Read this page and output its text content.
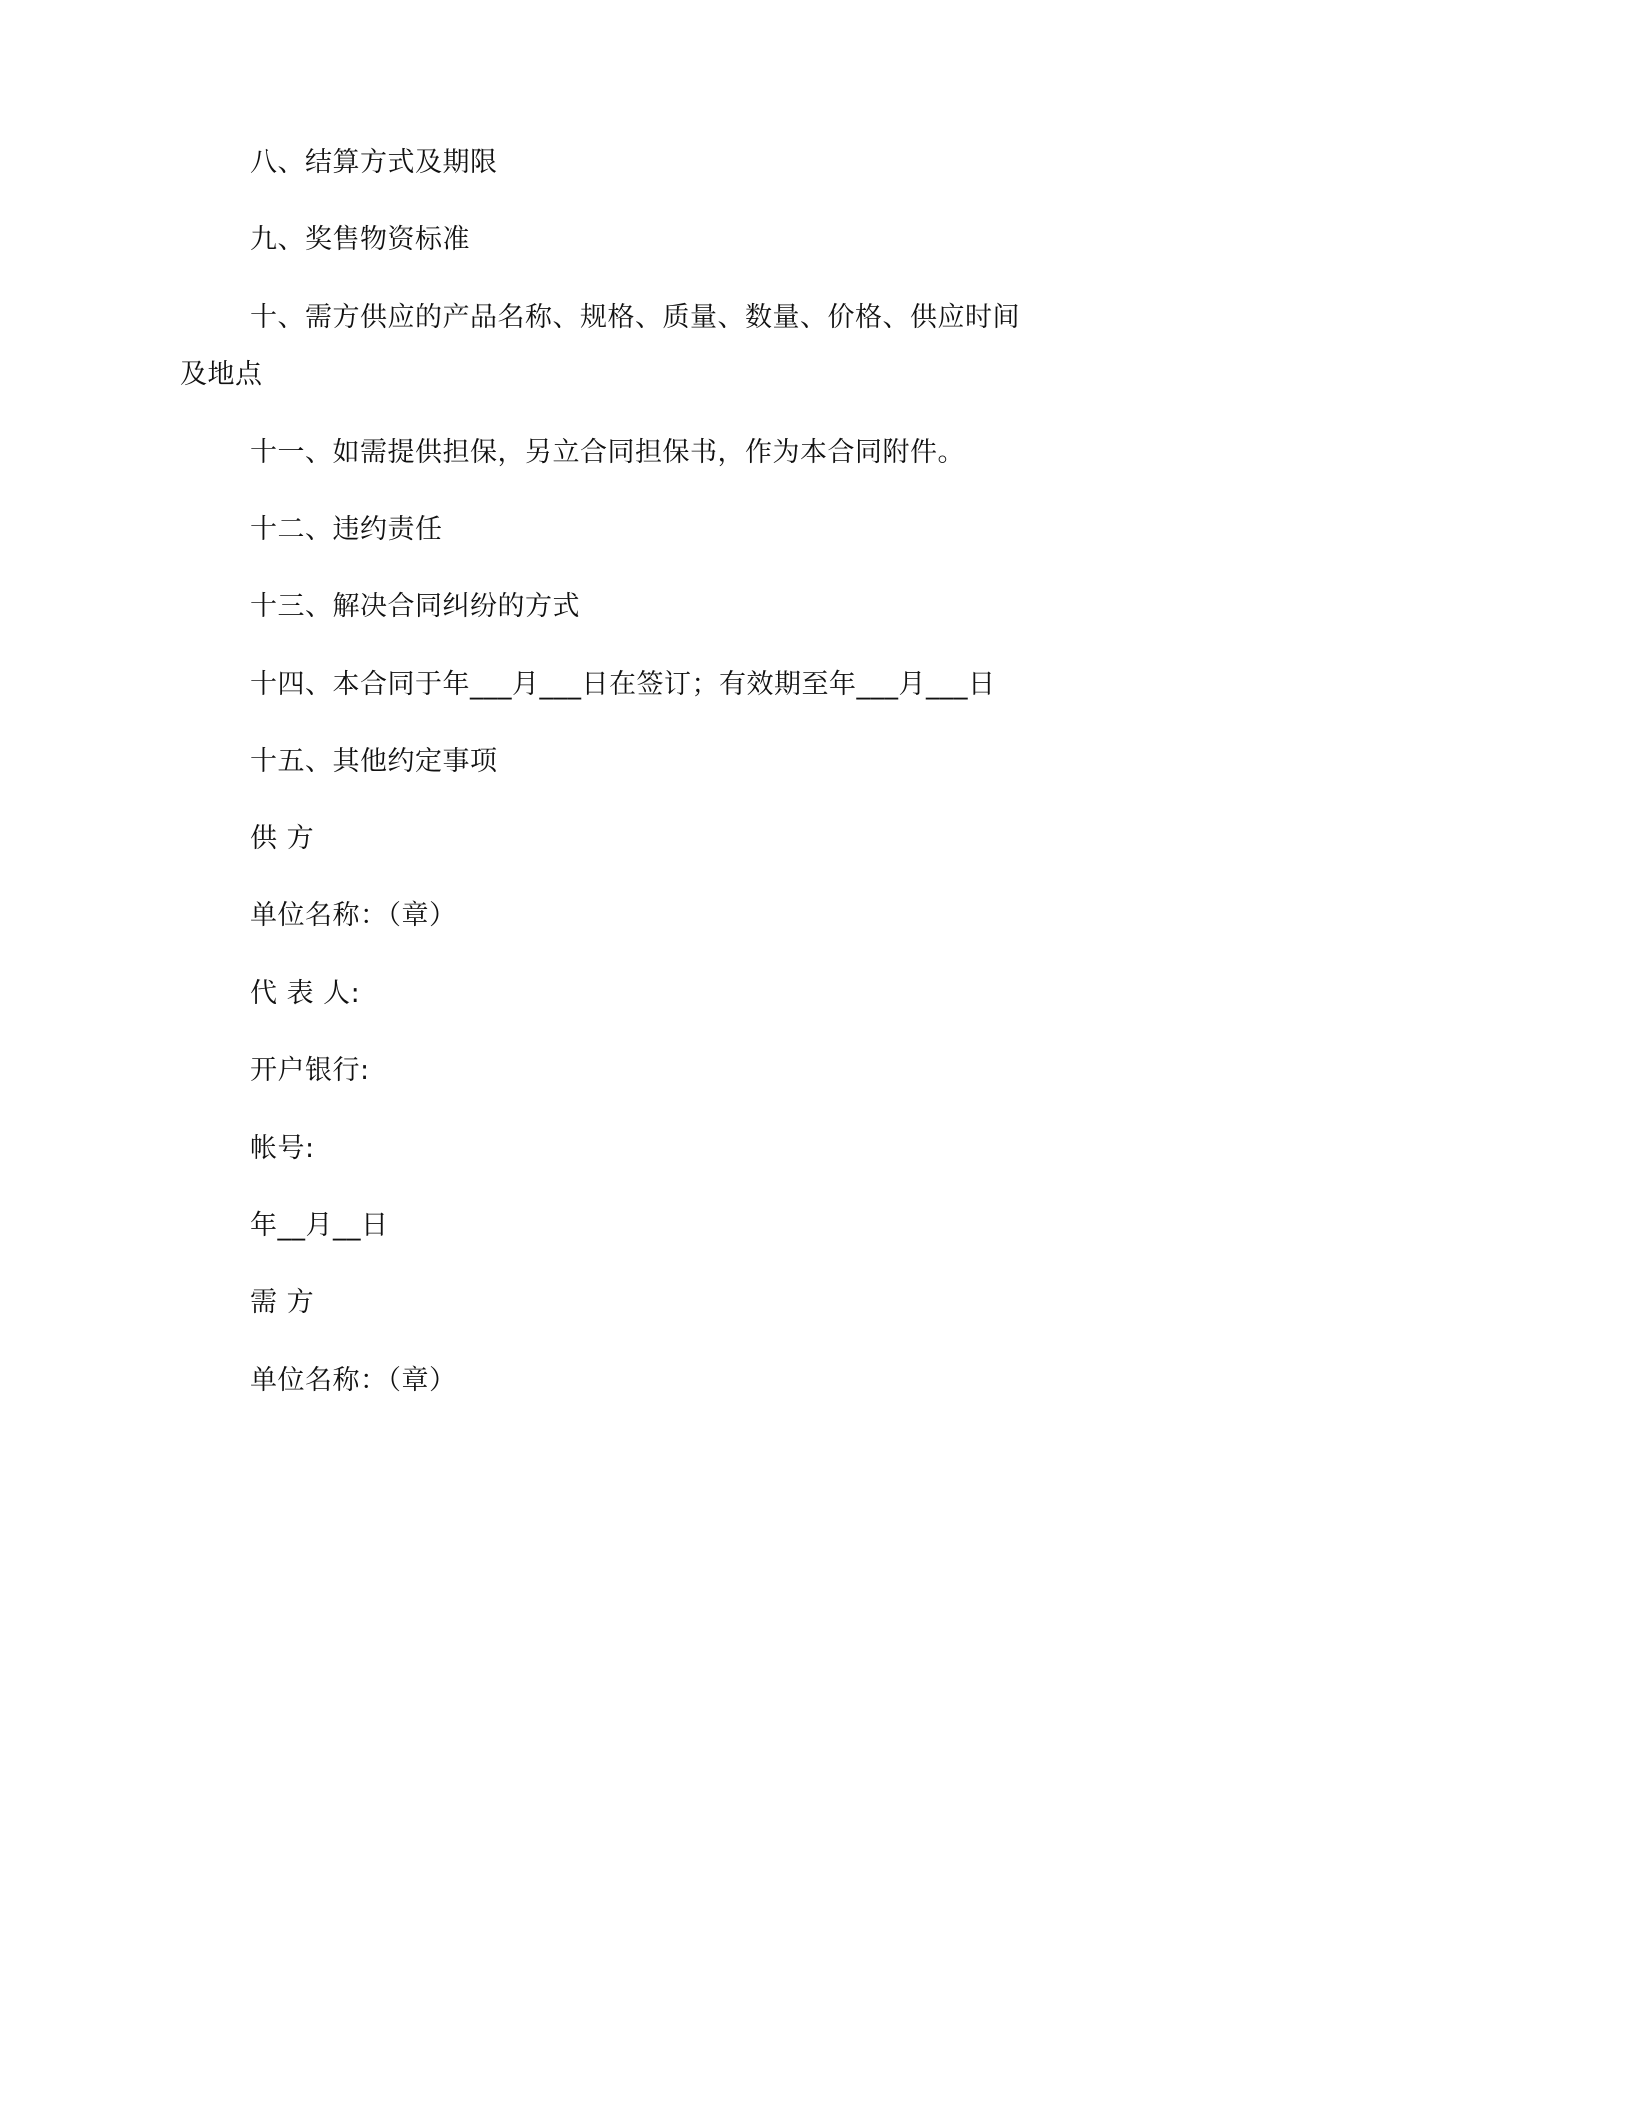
八、结算方式及期限

九、奖售物资标准

十、需方供应的产品名称、规格、质量、数量、价格、供应时间及地点

十一、如需提供担保，另立合同担保书，作为本合同附件。

十二、违约责任

十三、解决合同纠纷的方式

十四、本合同于年___月___日在签订；有效期至年___月___日

十五、其他约定事项

供 方

单位名称：（章）

代 表 人:

开户银行:

帐号:

年__月__日

需 方

单位名称：（章）
